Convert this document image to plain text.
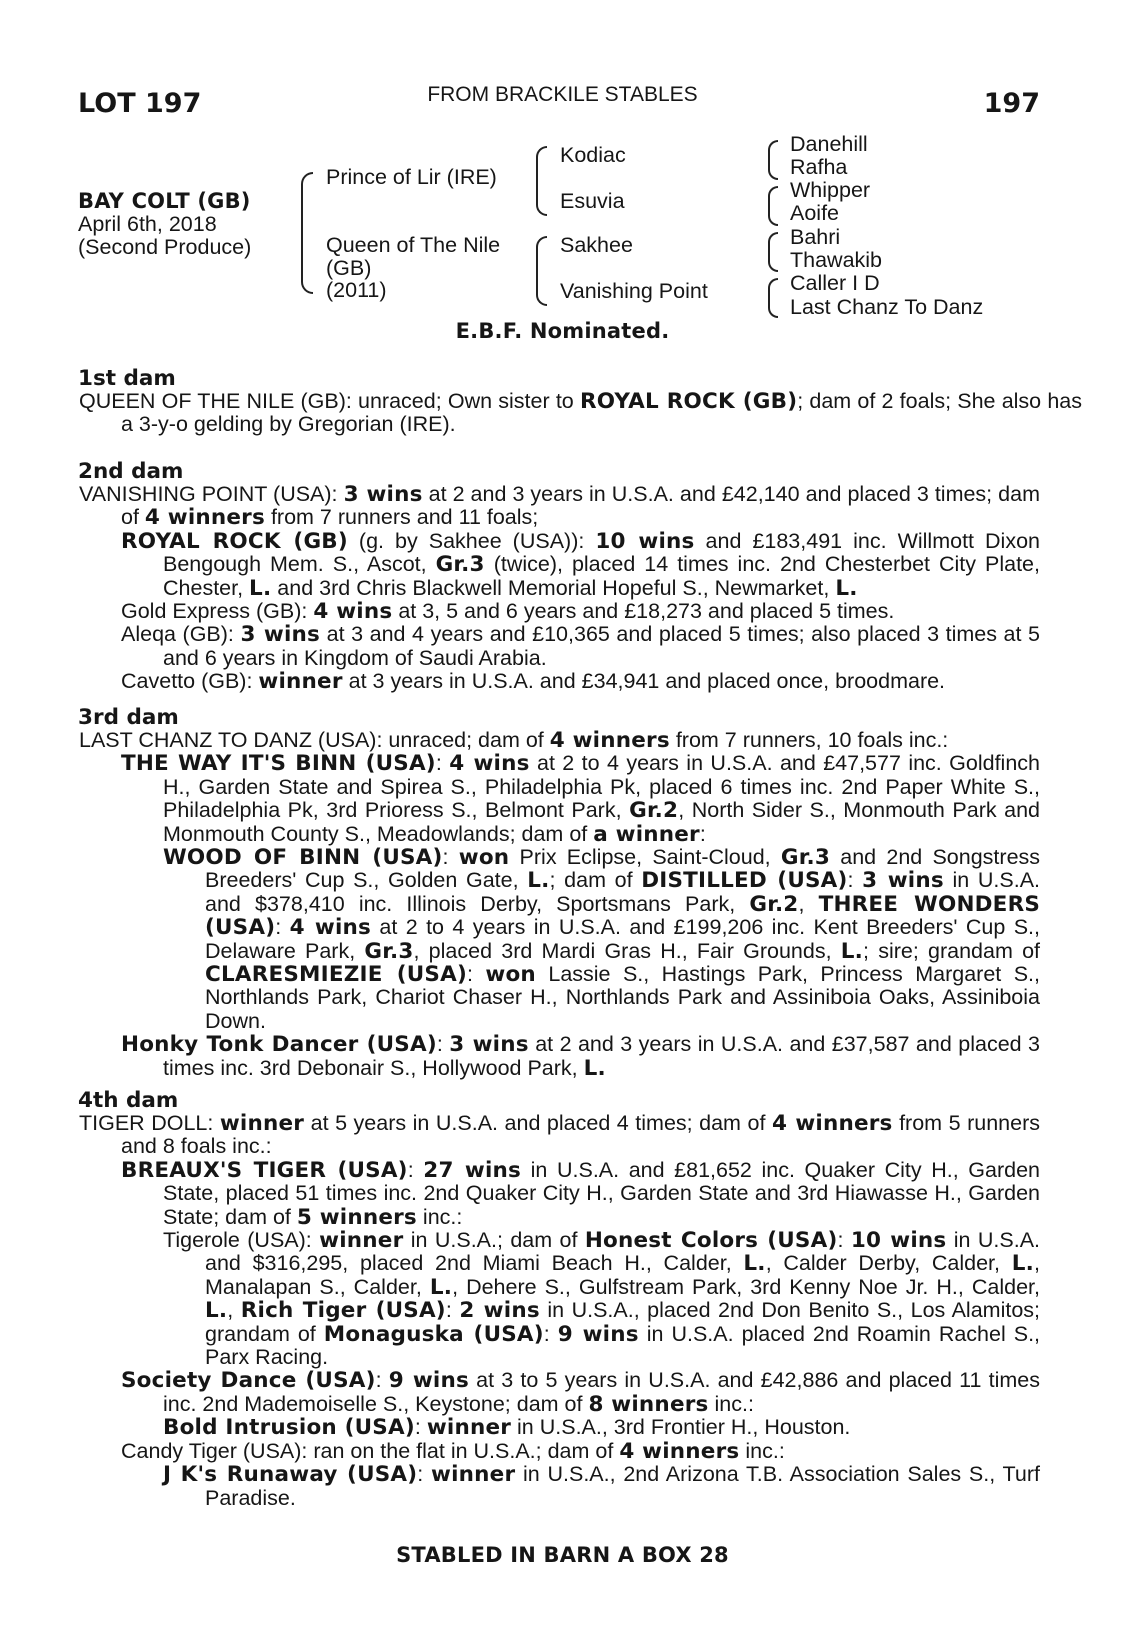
FROM BRACKILE STABLES
LOT 197	197
BAY COLT (GB)
April 6th, 2018
(Second Produce)
Prince of Lir (IRE)
Queen of The Nile
(GB)
(2011)
Kodiac
Esuvia
Sakhee
Vanishing Point
Danehill
Rafha
Whipper
Aoife
Bahri
Thawakib
Caller I D
Last Chanz To Danz
E.B.F. Nominated.
1st dam

QUEEN OF THE NILE (GB): unraced; Own sister to ROYAL ROCK (GB); dam of 2 foals; She also has a 3-y-o gelding by Gregorian (IRE).

2nd dam

VANISHING POINT (USA): 3 wins at 2 and 3 years in U.S.A. and £42,140 and placed 3 times; dam of 4 winners from 7 runners and 11 foals;

ROYAL ROCK (GB) (g. by Sakhee (USA)): 10 wins and £183,491 inc. Willmott Dixon Bengough Mem. S., Ascot, Gr.3 (twice), placed 14 times inc. 2nd Chesterbet City Plate, Chester, L. and 3rd Chris Blackwell Memorial Hopeful S., Newmarket, L.

Gold Express (GB): 4 wins at 3, 5 and 6 years and £18,273 and placed 5 times.

Aleqa (GB): 3 wins at 3 and 4 years and £10,365 and placed 5 times; also placed 3 times at 5 and 6 years in Kingdom of Saudi Arabia.

Cavetto (GB): winner at 3 years in U.S.A. and £34,941 and placed once, broodmare.

3rd dam

LAST CHANZ TO DANZ (USA): unraced; dam of 4 winners from 7 runners, 10 foals inc.:

THE WAY IT'S BINN (USA): 4 wins at 2 to 4 years in U.S.A. and £47,577 inc. Goldfinch H., Garden State and Spirea S., Philadelphia Pk, placed 6 times inc. 2nd Paper White S., Philadelphia Pk, 3rd Prioress S., Belmont Park, Gr.2, North Sider S., Monmouth Park and Monmouth County S., Meadowlands; dam of a winner:

WOOD OF BINN (USA): won Prix Eclipse, Saint-Cloud, Gr.3 and 2nd Songstress Breeders' Cup S., Golden Gate, L.; dam of DISTILLED (USA): 3 wins in U.S.A. and $378,410 inc. Illinois Derby, Sportsmans Park, Gr.2, THREE WONDERS (USA): 4 wins at 2 to 4 years in U.S.A. and £199,206 inc. Kent Breeders' Cup S., Delaware Park, Gr.3, placed 3rd Mardi Gras H., Fair Grounds, L.; sire; grandam of CLARESMIEZIE (USA): won Lassie S., Hastings Park, Princess Margaret S., Northlands Park, Chariot Chaser H., Northlands Park and Assiniboia Oaks, Assiniboia Down.

Honky Tonk Dancer (USA): 3 wins at 2 and 3 years in U.S.A. and £37,587 and placed 3 times inc. 3rd Debonair S., Hollywood Park, L.

4th dam

TIGER DOLL: winner at 5 years in U.S.A. and placed 4 times; dam of 4 winners from 5 runners and 8 foals inc.:

BREAUX'S TIGER (USA): 27 wins in U.S.A. and £81,652 inc. Quaker City H., Garden State, placed 51 times inc. 2nd Quaker City H., Garden State and 3rd Hiawasse H., Garden State; dam of 5 winners inc.:

Tigerole (USA): winner in U.S.A.; dam of Honest Colors (USA): 10 wins in U.S.A. and $316,295, placed 2nd Miami Beach H., Calder, L., Calder Derby, Calder, L., Manalapan S., Calder, L., Dehere S., Gulfstream Park, 3rd Kenny Noe Jr. H., Calder, L., Rich Tiger (USA): 2 wins in U.S.A., placed 2nd Don Benito S., Los Alamitos; grandam of Monaguska (USA): 9 wins in U.S.A. placed 2nd Roamin Rachel S., Parx Racing.

Society Dance (USA): 9 wins at 3 to 5 years in U.S.A. and £42,886 and placed 11 times inc. 2nd Mademoiselle S., Keystone; dam of 8 winners inc.:

Bold Intrusion (USA): winner in U.S.A., 3rd Frontier H., Houston.

Candy Tiger (USA): ran on the flat in U.S.A.; dam of 4 winners inc.:

J K's Runaway (USA): winner in U.S.A., 2nd Arizona T.B. Association Sales S., Turf Paradise.

STABLED IN BARN A BOX 28
